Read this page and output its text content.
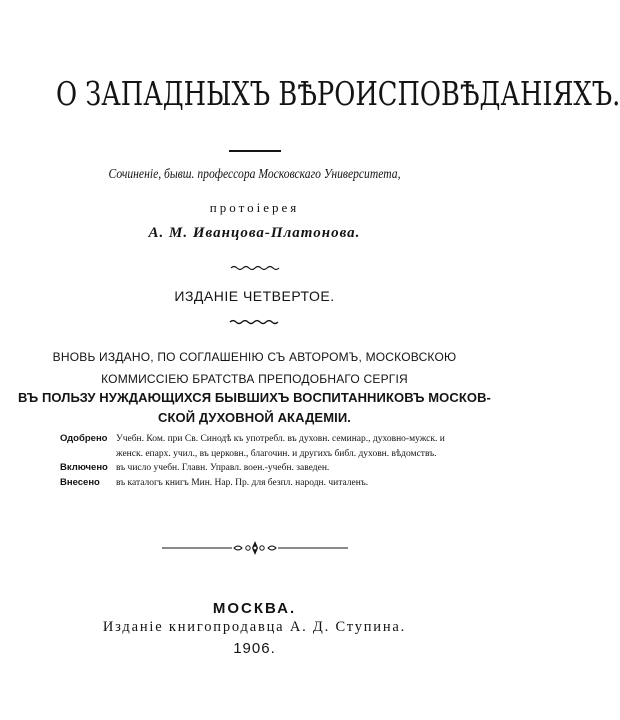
О ЗАПАДНЫХЪ ВѢРОИСПОВѢДАНІЯХЪ.
Сочиненіе, бывш. профессора Московскаго Университета,
протоіерея
А. М. Иванцова-Платонова.
ИЗДАНІЕ ЧЕТВЕРТОЕ.
ВНОВЬ ИЗДАНО, ПО СОГЛАШЕНІЮ СЪ АВТОРОМЪ, МОСКОВСКОЮ
КОММИССІЕЮ БРАТСТВА ПРЕПОДОБНАГО СЕРГІЯ
ВЪ ПОЛЬЗУ НУЖДАЮЩИХСЯ БЫВШИХЪ ВОСПИТАННИКОВЪ МОСКОВ-
СКОЙ ДУХОВНОЙ АКАДЕМІИ.
Одобрено Учебн. Ком. при Св. Синодѣ къ употребл. въ духовн. семинар., духовно-мужск. и женск. епарх. учил., въ церковн., благочин. и другихъ библ. духовн. вѣдомствъ.
Включено въ число учебн. Главн. Управл. воен.-учебн. заведен.
Внесено	въ каталогъ книгъ Мин. Нар. Пр. для безпл. народн. читаленъ.
МОСКВА.
Изданіе книгопродавца А. Д. Ступина.
1906.
